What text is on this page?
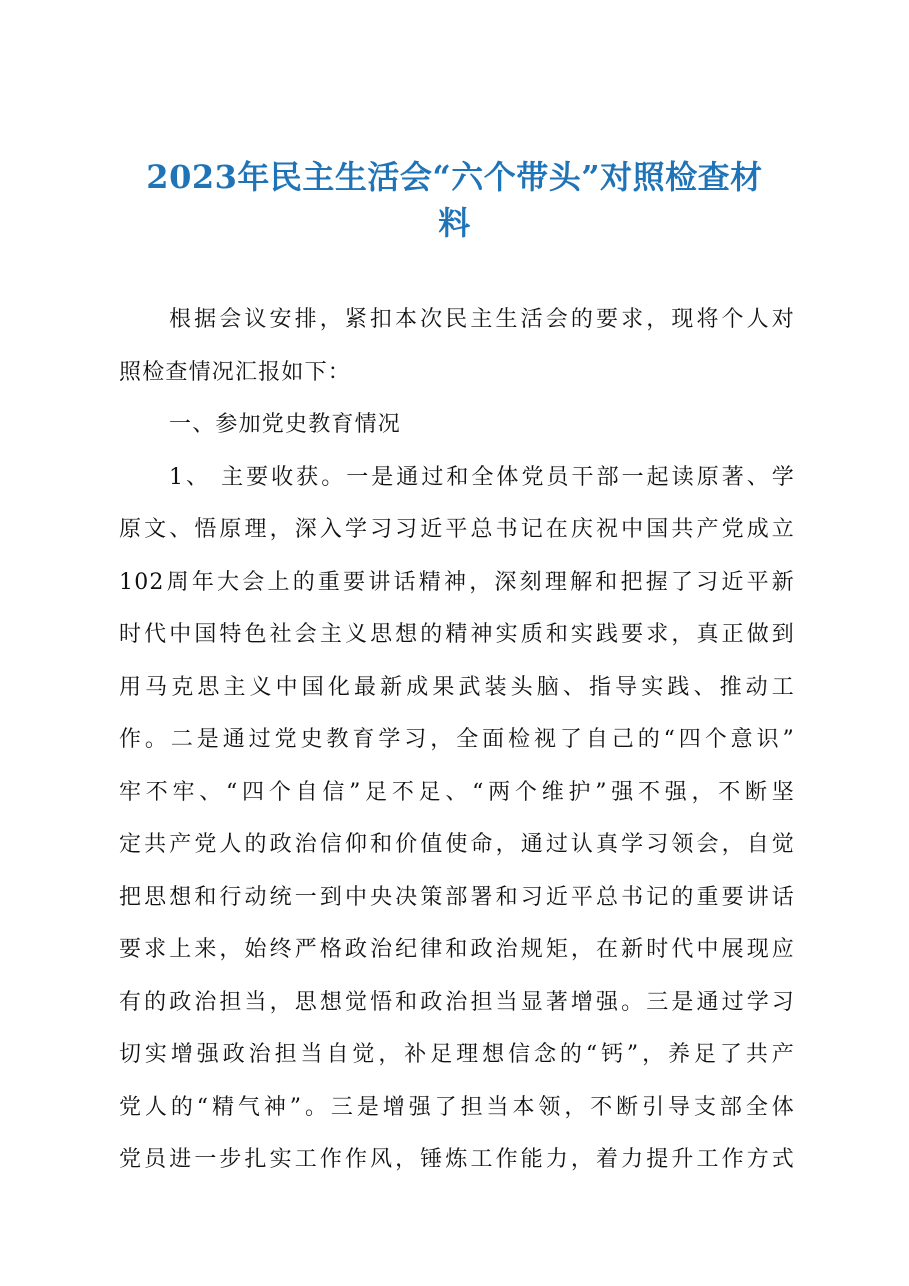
2023年民主生活会“六个带头”对照检查材
料
根据会议安排，紧扣本次民主生活会的要求，现将个人对
照检查情况汇报如下：
一、参加党史教育情况
1、 主要收获。一是通过和全体党员干部一起读原著、学
原文、悟原理，深入学习习近平总书记在庆祝中国共产党成立
102周年大会上的重要讲话精神，深刻理解和把握了习近平新
时代中国特色社会主义思想的精神实质和实践要求，真正做到
用马克思主义中国化最新成果武装头脑、指导实践、推动工
作。二是通过党史教育学习，全面检视了自己的“四个意识”
牢不牢、“四个自信”足不足、“两个维护”强不强，不断坚
定共产党人的政治信仰和价值使命，通过认真学习领会，自觉
把思想和行动统一到中央决策部署和习近平总书记的重要讲话
要求上来，始终严格政治纪律和政治规矩，在新时代中展现应
有的政治担当，思想觉悟和政治担当显著增强。三是通过学习
切实增强政治担当自觉，补足理想信念的“钙”，养足了共产
党人的“精气神”。三是增强了担当本领，不断引导支部全体
党员进一步扎实工作作风，锤炼工作能力，着力提升工作方式
